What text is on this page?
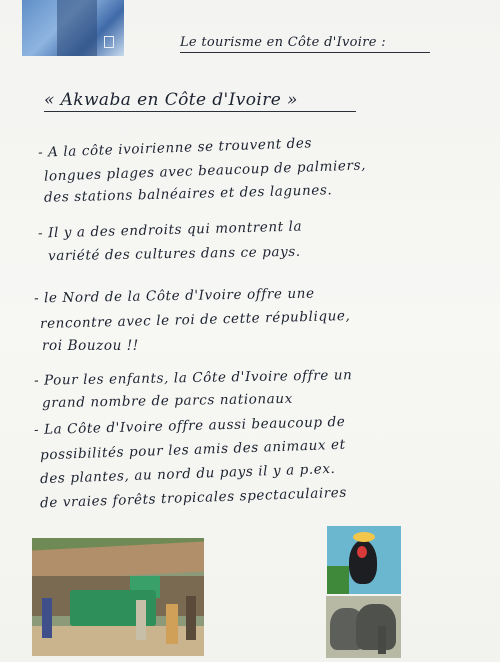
Le tourisme en Côte d'Ivoire :
« Akwaba en Côte d'Ivoire »
- A la côte ivoirienne se trouvent des
longues plages avec beaucoup de palmiers,
des stations balnéaires et des lagunes.
- Il y a des endroits qui montrent la
variété des cultures dans ce pays.
- le Nord de la Côte d'Ivoire offre une
rencontre avec le roi de cette république,
roi Bouzou !!
- Pour les enfants, la Côte d'Ivoire offre un
grand nombre de parcs nationaux
- La Côte d'Ivoire offre aussi beaucoup de
possibilités pour les amis des animaux et
des plantes, au nord du pays il y a p.ex.
de vraies forêts tropicales spectaculaires
